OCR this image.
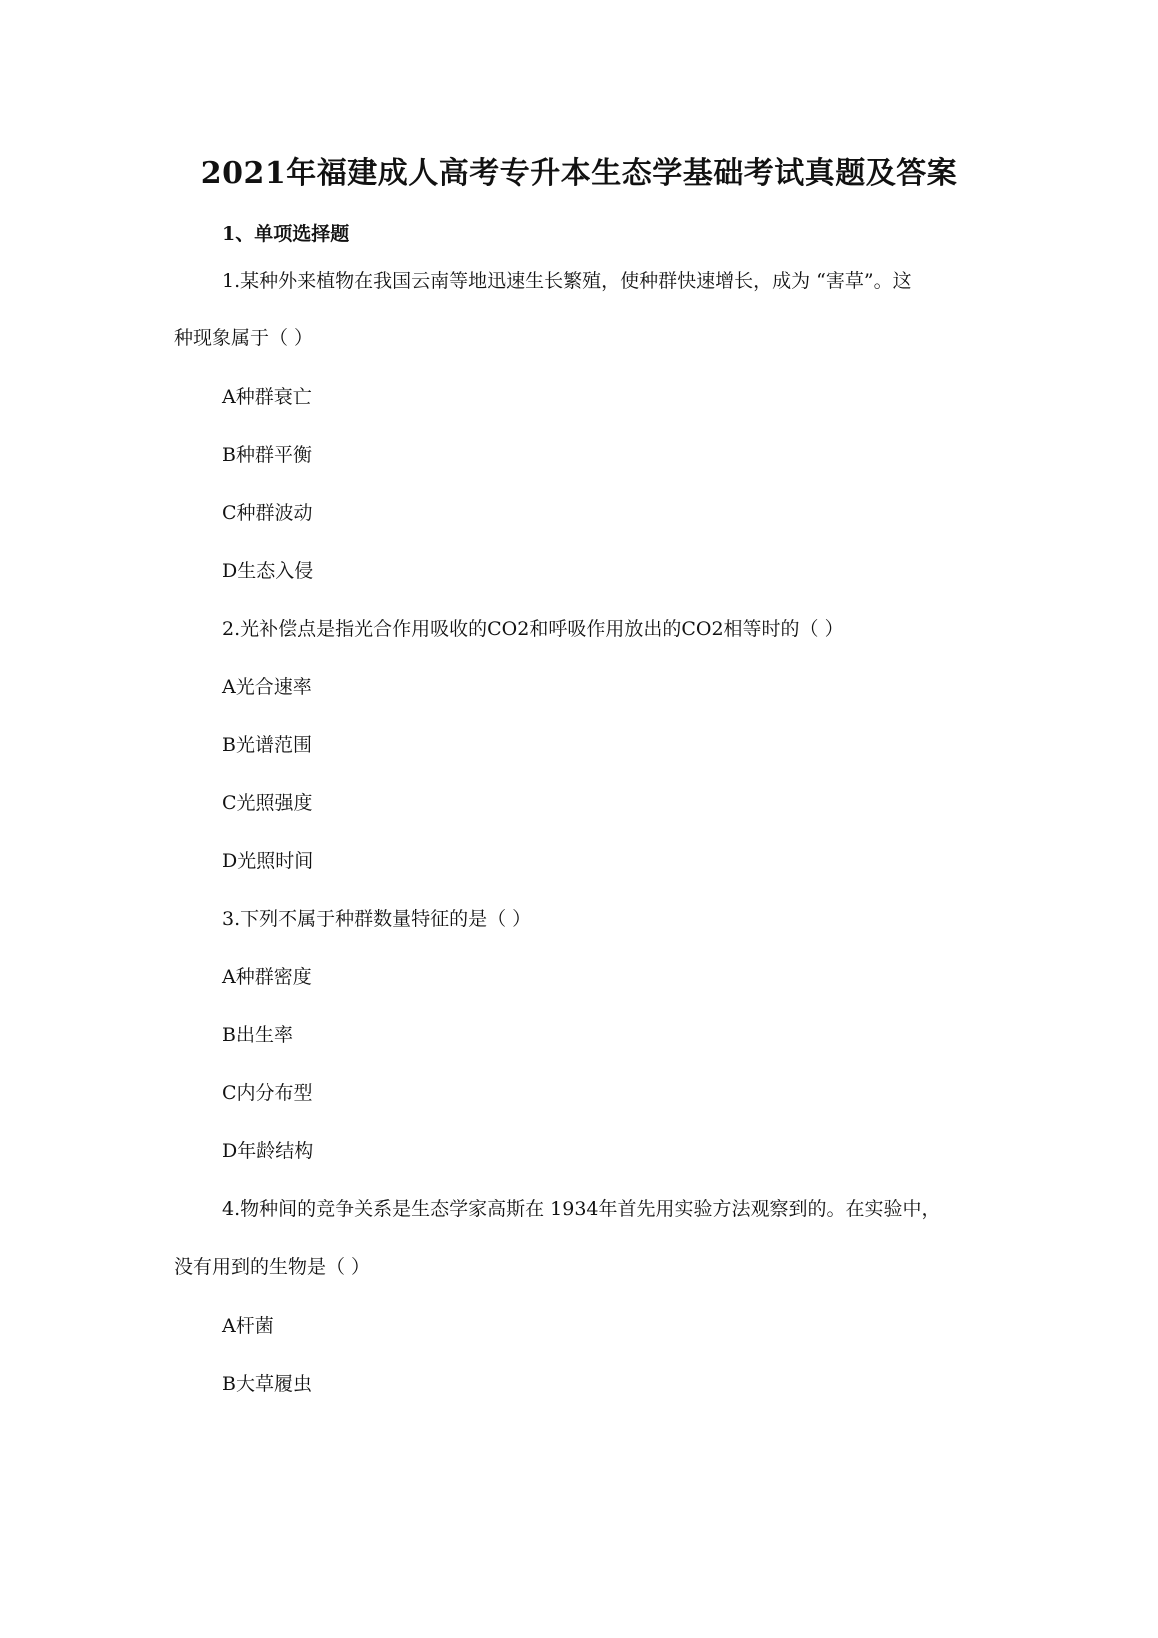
2021年福建成人高考专升本生态学基础考试真题及答案
1、单项选择题
1.某种外来植物在我国云南等地迅速生长繁殖，使种群快速增长，成为 “害草”。这
种现象属于（ ）
A种群衰亡
B种群平衡
C种群波动
D生态入侵
2.光补偿点是指光合作用吸收的CO2和呼吸作用放出的CO2相等时的（ ）
A光合速率
B光谱范围
C光照强度
D光照时间
3.下列不属于种群数量特征的是（ ）
A种群密度
B出生率
C内分布型
D年龄结构
4.物种间的竞争关系是生态学家高斯在 1934年首先用实验方法观察到的。在实验中，
没有用到的生物是（ ）
A杆菌
B大草履虫
